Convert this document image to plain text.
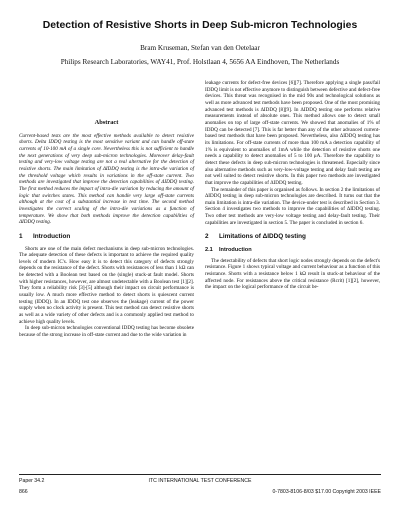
Detection of Resistive Shorts in Deep Sub-micron Technologies
Bram Kruseman, Stefan van den Oetelaar
Philips Research Laboratories, WAY41, Prof. Holstlaan 4, 5656 AA Eindhoven, The Netherlands
Abstract

Current-based tests are the most effective methods available to detect resistive shorts. Delta IDDQ testing is the most sensitive variant and can handle off-state currents of 10-100 mA of a single core. Nevertheless this is not sufficient to handle the next generations of very deep sub-micron technologies. Moreover delay-fault testing and very-low voltage testing are not a real alternative for the detection of resistive shorts. The main limitation of ΔIDDQ testing is the intra-die variation of the threshold voltage which results in variations in the off-state current. Two methods are investigated that improve the detection capabilities of ΔIDDQ testing. The first method reduces the impact of intra-die variation by reducing the amount of logic that switches states. This method can handle very large off-state currents although at the cost of a substantial increase in test time. The second method investigates the correct scaling of the intra-die variations as a function of temperature. We show that both methods improve the detection capabilities of ΔIDDQ testing.

1 Introduction

Shorts are one of the main defect mechanisms in deep sub-micron technologies. The adequate detection of these defects is important to achieve the required quality levels of modern IC's. How easy it is to detect this category of defects strongly depends on the resistance of the defect. Shorts with resistances of less than 1 kΩ can be detected with a Boolean test based on the (single) stuck-at fault model. Shorts with higher resistances, however, are almost undetectable with a Boolean test [1][2]. They form a reliability risk [3]-[5] although their impact on circuit performance is usually low. A much more effective method to detect shorts is quiescent current testing (IDDQ). In an IDDQ test one observes the (leakage) current of the power supply when no clock activity is present. This test method can detect resistive shorts as well as a wide variety of other defects and is a commonly applied test method to achieve high quality levels.

In deep sub-micron technologies conventional IDDQ testing has become obsolete because of the strong increase in off-state current and due to the wide variation in

leakage currents for defect-free devices [6][7]. Therefore applying a single pass/fail IDDQ limit is not effective anymore to distinguish between defective and defect-free devices. This threat was recognised in the mid 90s and technological solutions as well as more advanced test methods have been proposed. One of the most promising advanced test methods is ΔIDDQ [8][9]. In ΔIDDQ testing one performs relative measurements instead of absolute ones. This method allows one to detect small anomalies on top of large off-state currents. We showed that anomalies of 1% of IDDQ can be detected [7]. This is far better than any of the other advanced current-based test methods that have been proposed. Nevertheless, also ΔIDDQ testing has its limitations. For off-state currents of more than 100 mA a detection capability of 1% is equivalent to anomalies of 1mA while the detection of resistive shorts one needs a capability to detect anomalies of 5 to 100 μA. Therefore the capability to detect these defects in deep sub-micron technologies is threatened. Especially since also alternative methods such as very-low-voltage testing and delay fault testing are not well suited to detect resistive shorts. In this paper two methods are investigated that improve the capabilities of ΔIDDQ testing.

The remainder of this paper is organised as follows. In section 2 the limitations of ΔIDDQ testing in deep sub-micron technologies are described. It turns out that the main limitation is intra-die variation. The device-under test is described in Section 3. Section 4 investigates two methods to improve the capabilities of ΔIDDQ testing. Two other test methods are very-low voltage testing and delay-fault testing. Their capabilities are investigated in section 5. The paper is concluded in section 6.

2 Limitations of ΔIDDQ testing
2.1 Introduction

The detectability of defects that short logic nodes strongly depends on the defect's resistance. Figure 1 shows typical voltage and current behaviour as a function of this resistance. Shorts with a resistance below 1 kΩ result in stuck-at behaviour of the affected node. For resistances above the critical resistance (Rcrit) [1][2], however, the impact on the logical performance of the circuit be-

Paper 34.2
866
ITC INTERNATIONAL TEST CONFERENCE
0-7803-8106-8/03 $17.00 Copyright 2003 IEEE
